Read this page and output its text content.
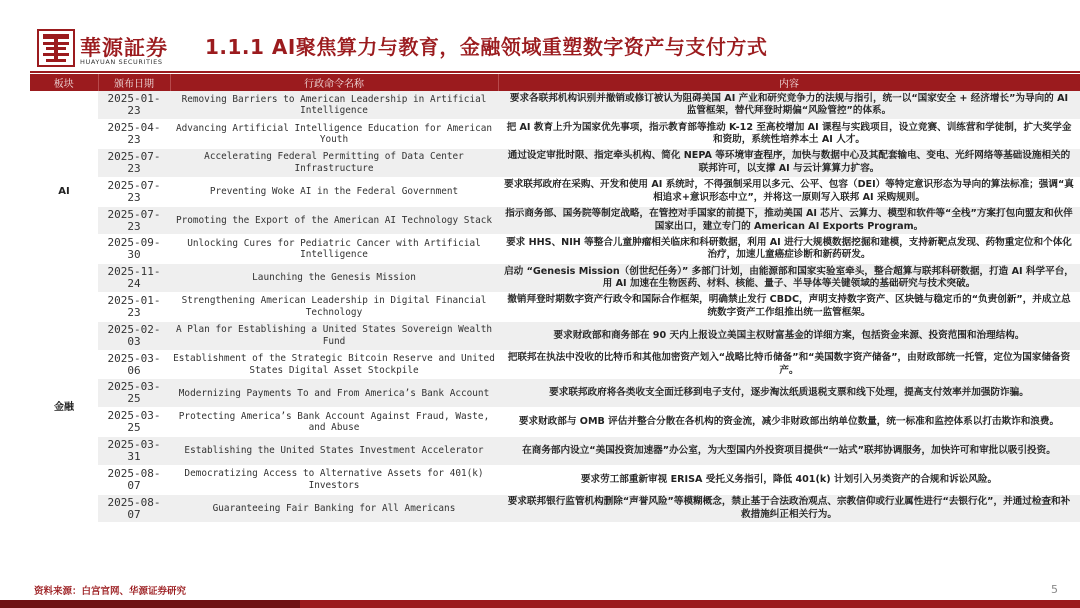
華源証券
HUAYUAN SECURITIES
1.1.1 AI聚焦算力与教育，金融领域重塑数字资产与支付方式
板块	颁布日期	行政命令名称	内容
AI	2025-01-23	Removing Barriers to American Leadership in Artificial Intelligence	要求各联邦机构识别并撤销或修订被认为阻碍美国 AI 产业和研究竞争力的法规与指引，统一以“国家安全 + 经济增长”为导向的 AI 监管框架，替代拜登时期偏“风险管控”的体系。
	2025-04-23	Advancing Artificial Intelligence Education for American Youth	把 AI 教育上升为国家优先事项，指示教育部等推动 K-12 至高校增加 AI 课程与实践项目，设立竞赛、训练营和学徒制，扩大奖学金和资助，系统性培养本土 AI 人才。
	2025-07-23	Accelerating Federal Permitting of Data Center Infrastructure	通过设定审批时限、指定牵头机构、简化 NEPA 等环境审查程序，加快与数据中心及其配套输电、变电、光纤网络等基础设施相关的联邦许可，以支撑 AI 与云计算算力扩容。
	2025-07-23	Preventing Woke AI in the Federal Government	要求联邦政府在采购、开发和使用 AI 系统时，不得强制采用以多元、公平、包容（DEI）等特定意识形态为导向的算法标准；强调“真相追求+意识形态中立”，并将这一原则写入联邦 AI 采购规则。
	2025-07-23	Promoting the Export of the American AI Technology Stack	指示商务部、国务院等制定战略，在管控对手国家的前提下，推动美国 AI 芯片、云算力、模型和软件等“全栈”方案打包向盟友和伙伴国家出口，建立专门的 American AI Exports Program。
	2025-09-30	Unlocking Cures for Pediatric Cancer with Artificial Intelligence	要求 HHS、NIH 等整合儿童肿瘤相关临床和科研数据，利用 AI 进行大规模数据挖掘和建模，支持新靶点发现、药物重定位和个体化治疗，加速儿童癌症诊断和新药研发。
	2025-11-24	Launching the Genesis Mission	启动 “Genesis Mission（创世纪任务）” 多部门计划，由能源部和国家实验室牵头，整合超算与联邦科研数据，打造 AI 科学平台，用 AI 加速在生物医药、材料、核能、量子、半导体等关键领域的基础研究与技术突破。
金融	2025-01-23	Strengthening American Leadership in Digital Financial Technology	撤销拜登时期数字资产行政令和国际合作框架，明确禁止发行 CBDC，声明支持数字资产、区块链与稳定币的“负责创新”，并成立总统数字资产工作组推出统一监管框架。
	2025-02-03	A Plan for Establishing a United States Sovereign Wealth Fund	要求财政部和商务部在 90 天内上报设立美国主权财富基金的详细方案，包括资金来源、投资范围和治理结构。
	2025-03-06	Establishment of the Strategic Bitcoin Reserve and United States Digital Asset Stockpile	把联邦在执法中没收的比特币和其他加密资产划入“战略比特币储备”和“美国数字资产储备”，由财政部统一托管，定位为国家储备资产。
	2025-03-25	Modernizing Payments To and From America’s Bank Account	要求联邦政府将各类收支全面迁移到电子支付，逐步淘汰纸质退税支票和线下处理，提高支付效率并加强防诈骗。
	2025-03-25	Protecting America’s Bank Account Against Fraud, Waste, and Abuse	要求财政部与 OMB 评估并整合分散在各机构的资金流，减少非财政部出纳单位数量，统一标准和监控体系以打击欺诈和浪费。
	2025-03-31	Establishing the United States Investment Accelerator	在商务部内设立“美国投资加速器”办公室，为大型国内外投资项目提供“一站式”联邦协调服务，加快许可和审批以吸引投资。
	2025-08-07	Democratizing Access to Alternative Assets for 401(k) Investors	要求劳工部重新审视 ERISA 受托义务指引，降低 401(k) 计划引入另类资产的合规和诉讼风险。
	2025-08-07	Guaranteeing Fair Banking for All Americans	要求联邦银行监管机构删除“声誉风险”等模糊概念，禁止基于合法政治观点、宗教信仰或行业属性进行“去银行化”，并通过检查和补救措施纠正相关行为。
资料来源：白宫官网、华源证券研究	5
